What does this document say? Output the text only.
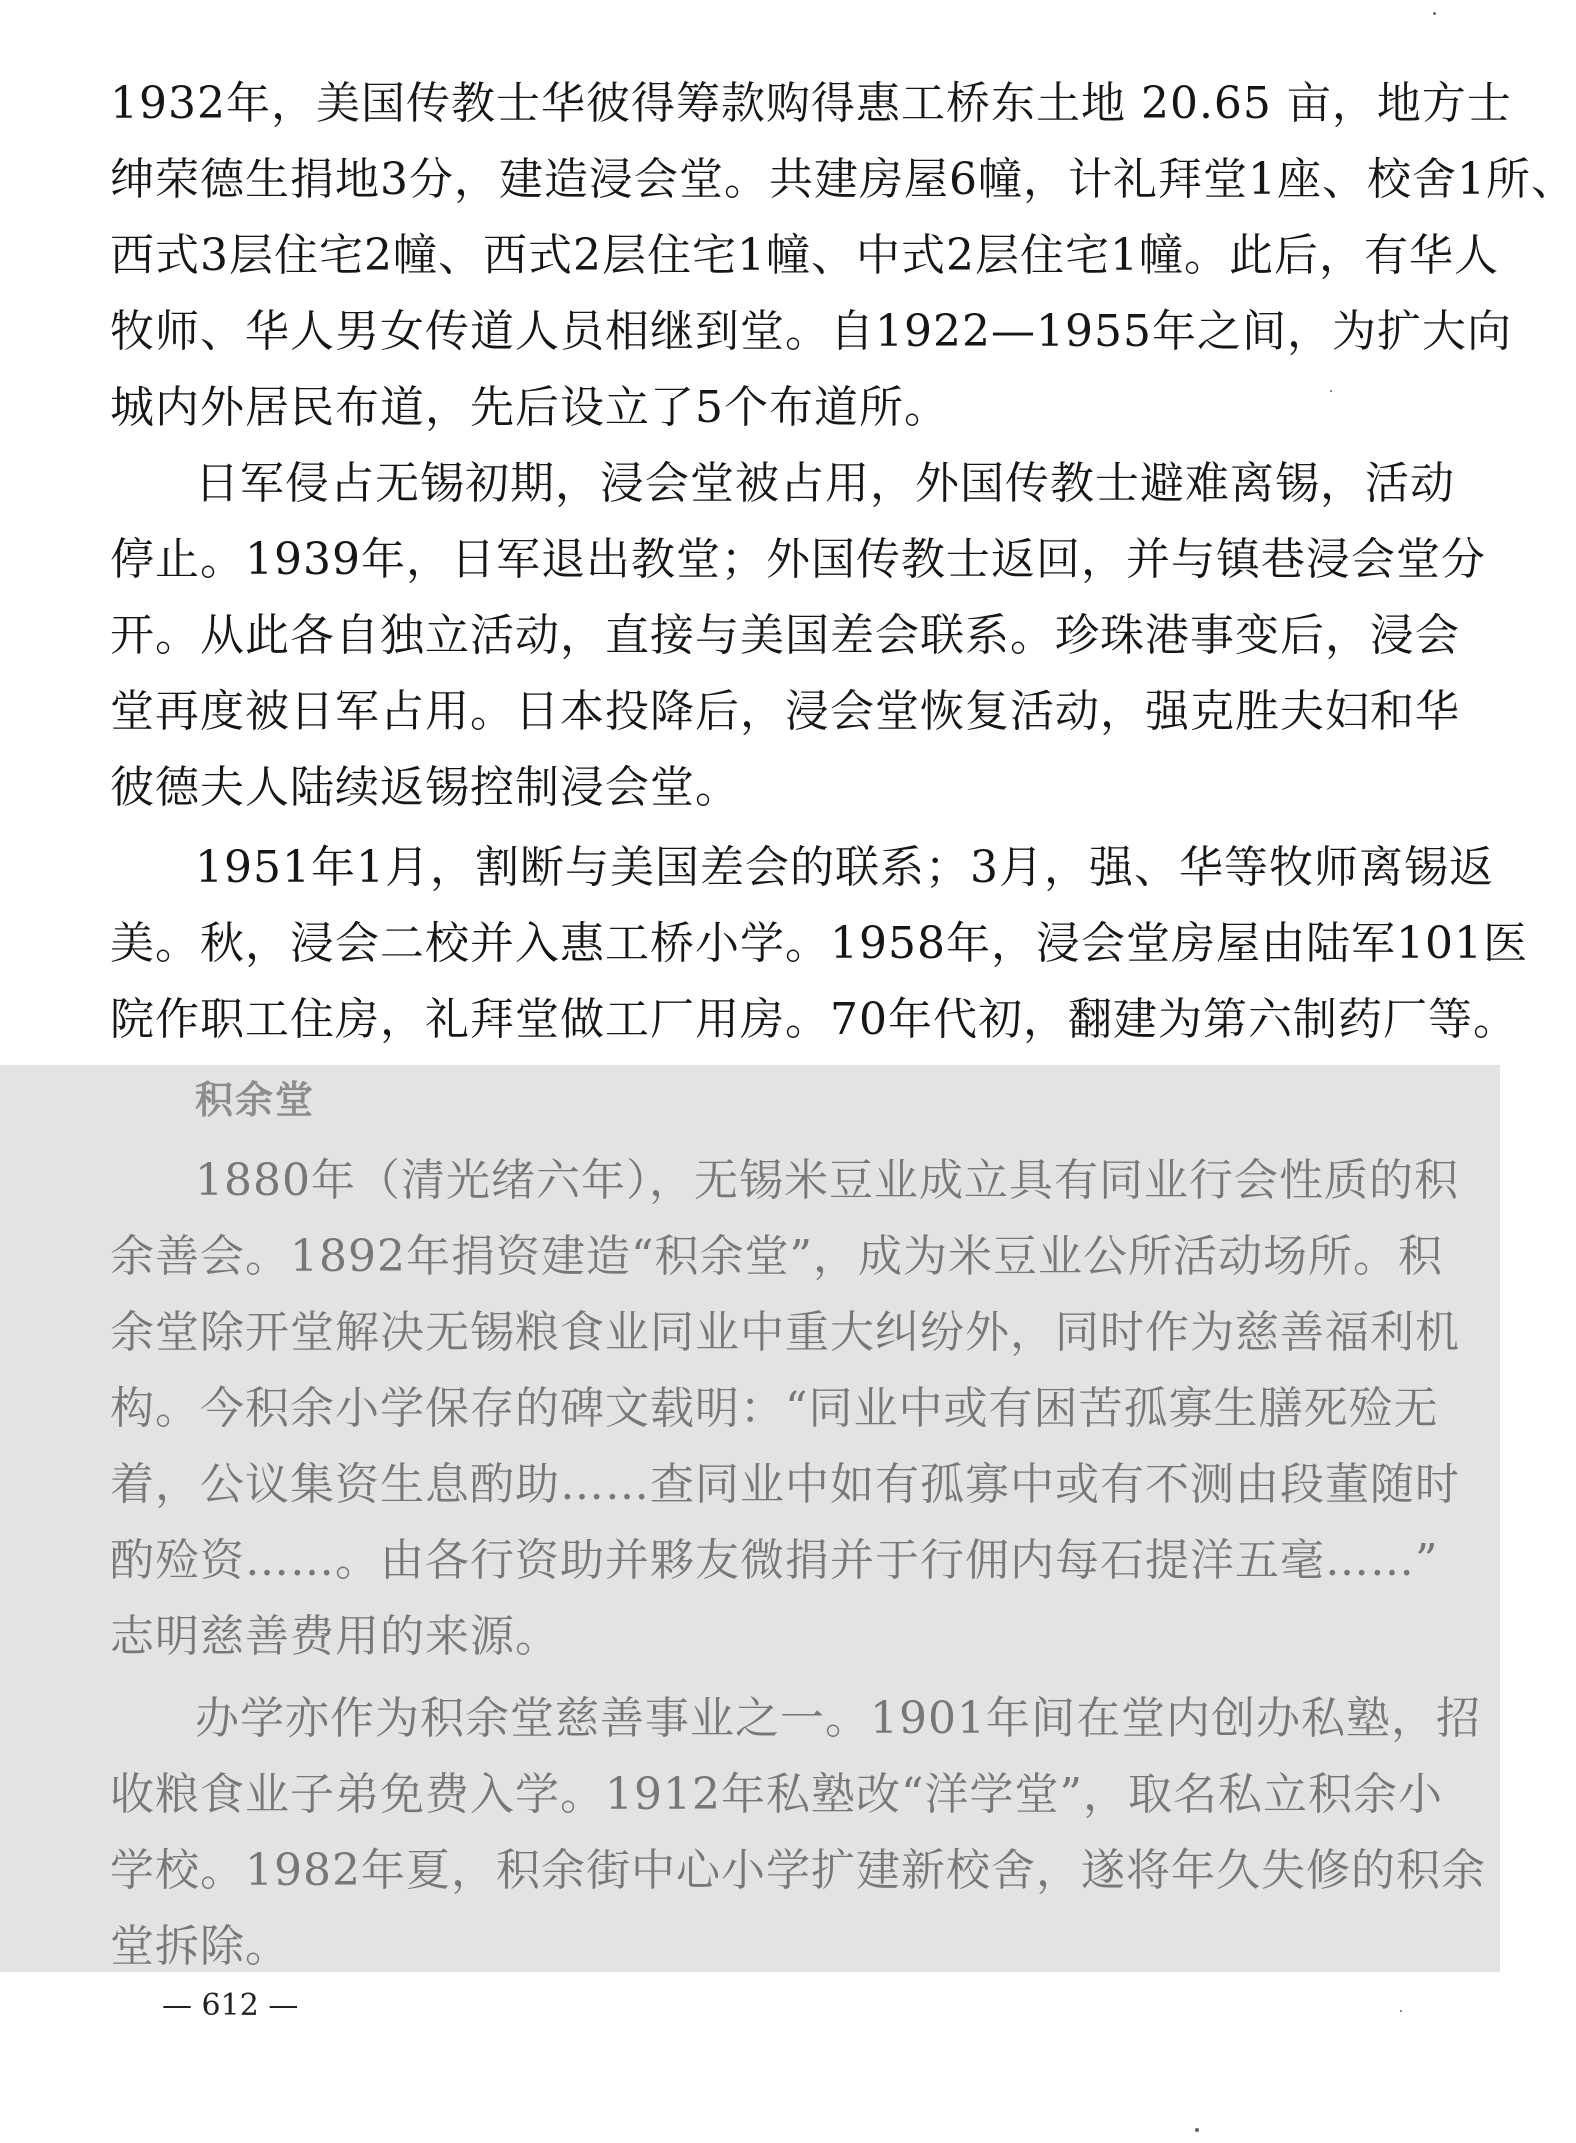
1932年，美国传教士华彼得筹款购得惠工桥东土地 20.65 亩，地方士
绅荣德生捐地3分，建造浸会堂。共建房屋6幢，计礼拜堂1座、校舍1所、
西式3层住宅2幢、西式2层住宅1幢、中式2层住宅1幢。此后，有华人
牧师、华人男女传道人员相继到堂。自1922—1955年之间，为扩大向
城内外居民布道，先后设立了5个布道所。
日军侵占无锡初期，浸会堂被占用，外国传教士避难离锡，活动
停止。1939年，日军退出教堂；外国传教士返回，并与镇巷浸会堂分
开。从此各自独立活动，直接与美国差会联系。珍珠港事变后，浸会
堂再度被日军占用。日本投降后，浸会堂恢复活动，强克胜夫妇和华
彼德夫人陆续返锡控制浸会堂。
1951年1月，割断与美国差会的联系；3月，强、华等牧师离锡返
美。秋，浸会二校并入惠工桥小学。1958年，浸会堂房屋由陆军101医
院作职工住房，礼拜堂做工厂用房。70年代初，翻建为第六制药厂等。
积余堂
1880年（清光绪六年），无锡米豆业成立具有同业行会性质的积
余善会。1892年捐资建造“积余堂”，成为米豆业公所活动场所。积
余堂除开堂解决无锡粮食业同业中重大纠纷外，同时作为慈善福利机
构。今积余小学保存的碑文载明：“同业中或有困苦孤寡生膳死殓无
着，公议集资生息酌助……查同业中如有孤寡中或有不测由段董随时
酌殓资……。由各行资助并夥友微捐并于行佣内每石提洋五毫……”
志明慈善费用的来源。
办学亦作为积余堂慈善事业之一。1901年间在堂内创办私塾，招
收粮食业子弟免费入学。1912年私塾改“洋学堂”，取名私立积余小
学校。1982年夏，积余街中心小学扩建新校舍，遂将年久失修的积余
堂拆除。
— 612 —
